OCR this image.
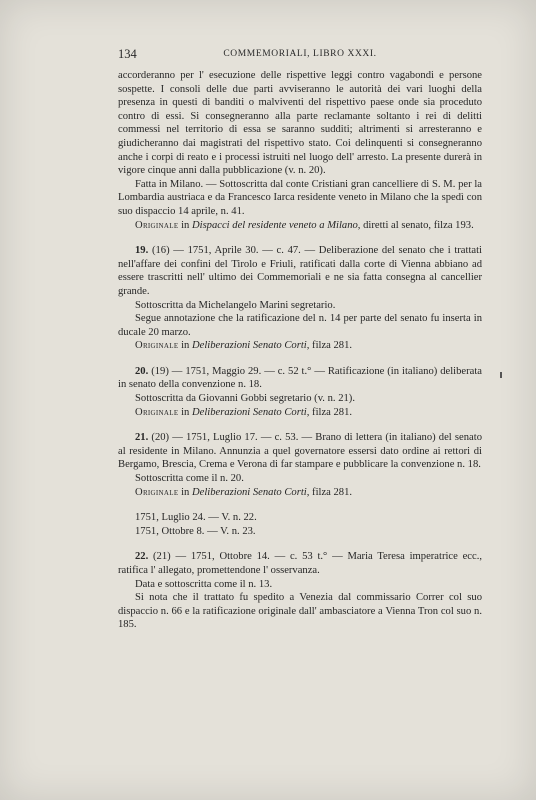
134	COMMEMORIALI, LIBRO XXXI.

accorderanno per l' esecuzione delle rispettive leggi contro vagabondi e persone sospette. I consoli delle due parti avviseranno le autorità dei vari luoghi della presenza in questi di banditi o malviventi del rispettivo paese onde sia proceduto contro di essi. Si consegneranno alla parte reclamante soltanto i rei di delitti commessi nel territorio di essa se saranno sudditi; altrimenti si arresteranno e giudicheranno dai magistrati del rispettivo stato. Coi delinquenti si consegneranno anche i corpi di reato e i processi istruiti nel luogo dell' arresto. La presente durerà in vigore cinque anni dalla pubblicazione (v. n. 20).

Fatta in Milano. — Sottoscritta dal conte Cristiani gran cancelliere di S. M. per la Lombardia austriaca e da Francesco Iarca residente veneto in Milano che la spedì con suo dispaccio 14 aprile, n. 41.

Originale in Dispacci del residente veneto a Milano, diretti al senato, filza 193.

19. (16) — 1751, Aprile 30. — c. 47. — Deliberazione del senato che i trattati nell'affare dei confini del Tirolo e Friuli, ratificati dalla corte di Vienna abbiano ad essere trascritti nell' ultimo dei Commemoriali e ne sia fatta consegna al cancellier grande.

Sottoscritta da Michelangelo Marini segretario.

Segue annotazione che la ratificazione del n. 14 per parte del senato fu inserta in ducale 20 marzo.

Originale in Deliberazioni Senato Corti, filza 281.

20. (19) — 1751, Maggio 29. — c. 52 t.° — Ratificazione (in italiano) deliberata in senato della convenzione n. 18.

Sottoscritta da Giovanni Gobbi segretario (v. n. 21).

Originale in Deliberazioni Senato Corti, filza 281.

21. (20) — 1751, Luglio 17. — c. 53. — Brano di lettera (in italiano) del senato al residente in Milano. Annunzia a quel governatore essersi dato ordine ai rettori di Bergamo, Brescia, Crema e Verona di far stampare e pubblicare la convenzione n. 18.

Sottoscritta come il n. 20.

Originale in Deliberazioni Senato Corti, filza 281.

1751, Luglio 24. — V. n. 22.

1751, Ottobre 8. — V. n. 23.

22. (21) — 1751, Ottobre 14. — c. 53 t.° — Maria Teresa imperatrice ecc., ratifica l' allegato, promettendone l' osservanza.

Data e sottoscritta come il n. 13.

Si nota che il trattato fu spedito a Venezia dal commissario Correr col suo dispaccio n. 66 e la ratificazione originale dall' ambasciatore a Vienna Tron col suo n. 185.
